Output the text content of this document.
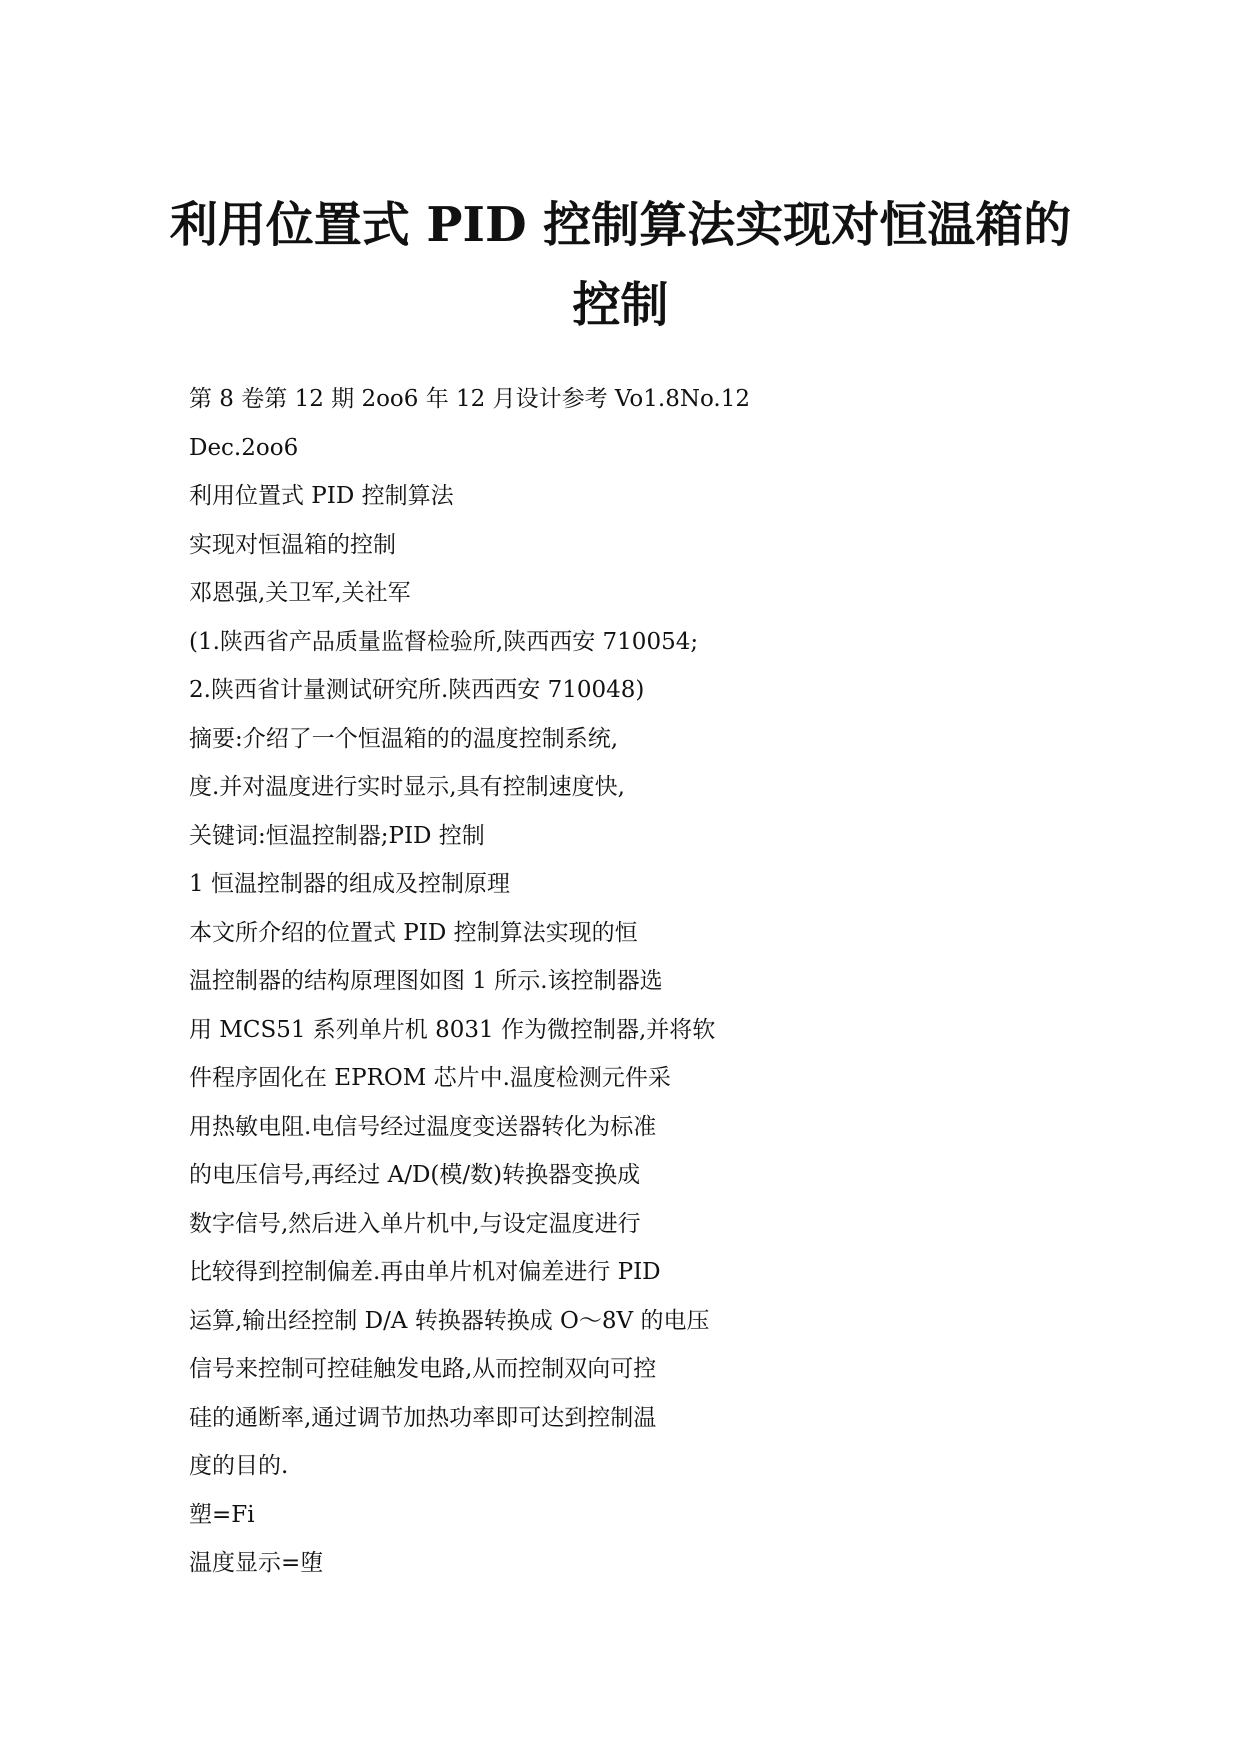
利用位置式 PID 控制算法实现对恒温箱的
控制
第 8 卷第 12 期 2oo6 年 12 月设计参考 Vo1.8No.12
Dec.2oo6
利用位置式 PID 控制算法
实现对恒温箱的控制
邓恩强,关卫军,关社军
(1.陕西省产品质量监督检验所,陕西西安 710054;
2.陕西省计量测试研究所.陕西西安 710048)
摘要:介绍了一个恒温箱的的温度控制系统,
度.并对温度进行实时显示,具有控制速度快,
关键词:恒温控制器;PID 控制
1 恒温控制器的组成及控制原理
本文所介绍的位置式 PID 控制算法实现的恒
温控制器的结构原理图如图 1 所示.该控制器选
用 MCS51 系列单片机 8031 作为微控制器,并将软
件程序固化在 EPROM 芯片中.温度检测元件采
用热敏电阻.电信号经过温度变送器转化为标准
的电压信号,再经过 A/D(模/数)转换器变换成
数字信号,然后进入单片机中,与设定温度进行
比较得到控制偏差.再由单片机对偏差进行 PID
运算,输出经控制 D/A 转换器转换成 O～8V 的电压
信号来控制可控硅触发电路,从而控制双向可控
硅的通断率,通过调节加热功率即可达到控制温
度的目的.
塑=Fi
温度显示=堕
